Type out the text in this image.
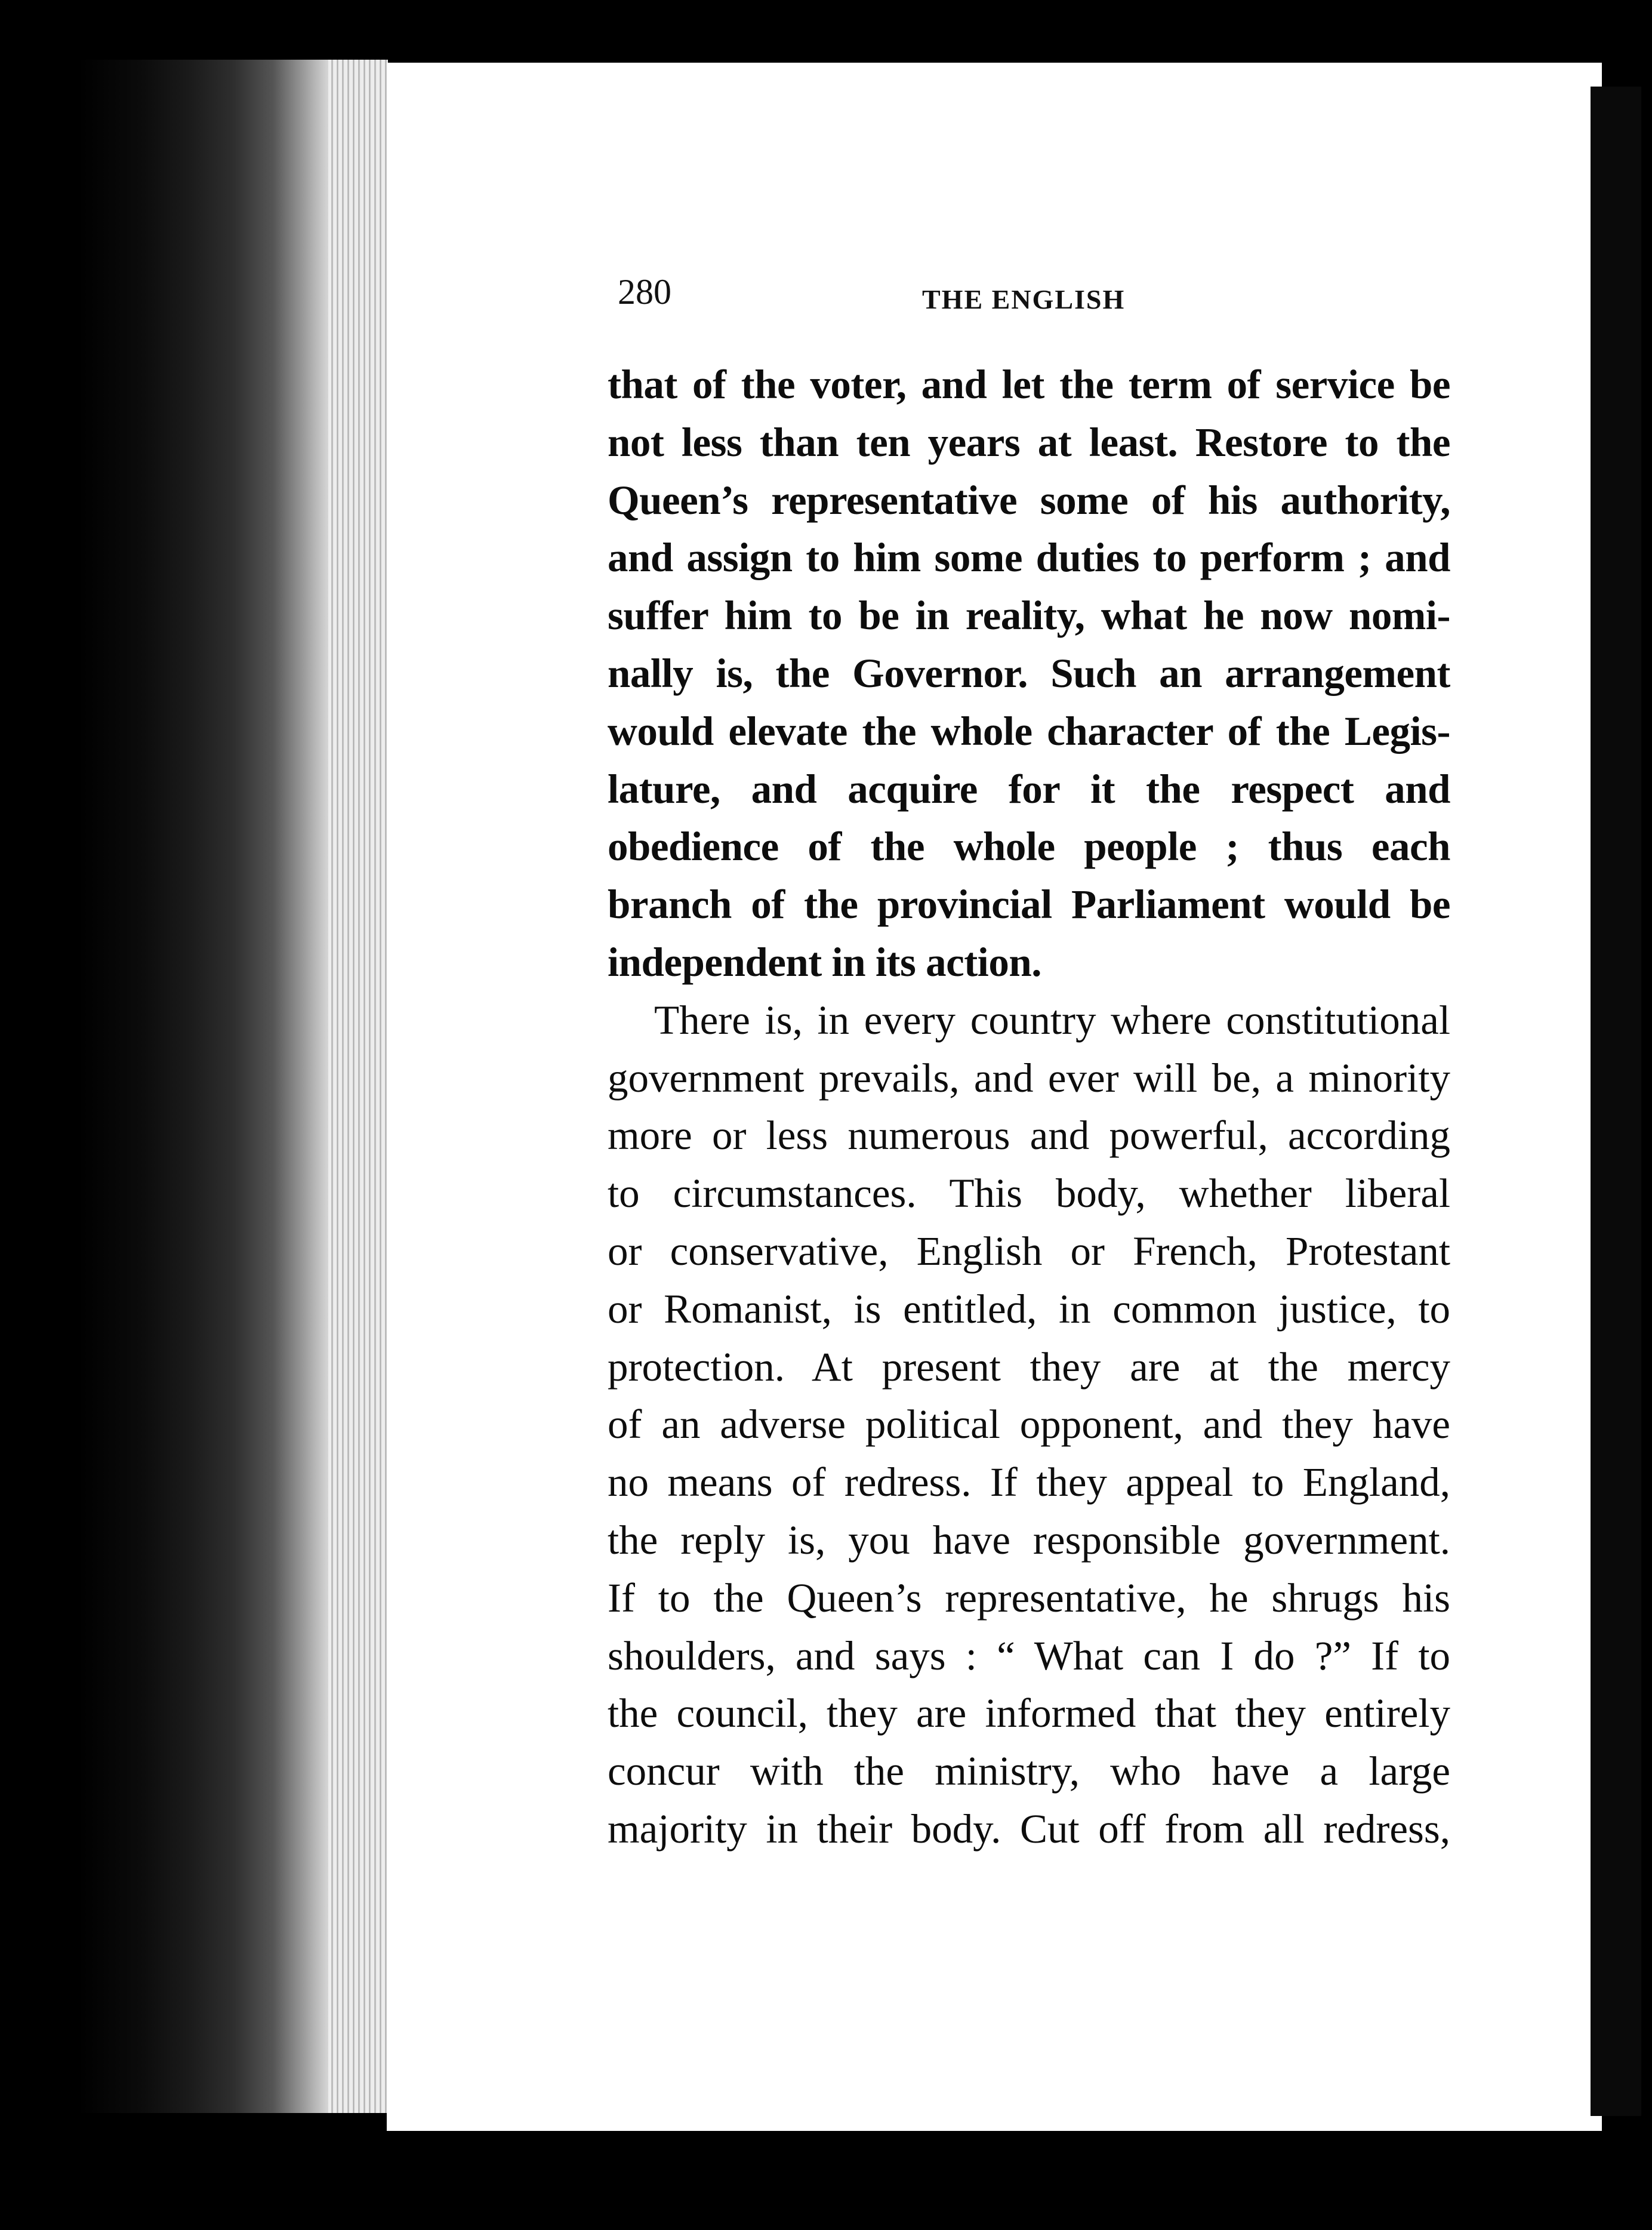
280	THE ENGLISH
that of the voter, and let the term of service be
not less than ten years at least. Restore to the
Queen’s representative some of his authority,
and assign to him some duties to perform ; and
suffer him to be in reality, what he now nomi-
nally is, the Governor. Such an arrangement
would elevate the whole character of the Legis-
lature, and acquire for it the respect and
obedience of the whole people ; thus each
branch of the provincial Parliament would be
independent in its action.
There is, in every country where constitutional
government prevails, and ever will be, a minority
more or less numerous and powerful, according
to circumstances. This body, whether liberal
or conservative, English or French, Protestant
or Romanist, is entitled, in common justice, to
protection. At present they are at the mercy
of an adverse political opponent, and they have
no means of redress. If they appeal to England,
the reply is, you have responsible government.
If to the Queen’s representative, he shrugs his
shoulders, and says : “ What can I do ?” If to
the council, they are informed that they entirely
concur with the ministry, who have a large
majority in their body. Cut off from all redress,
